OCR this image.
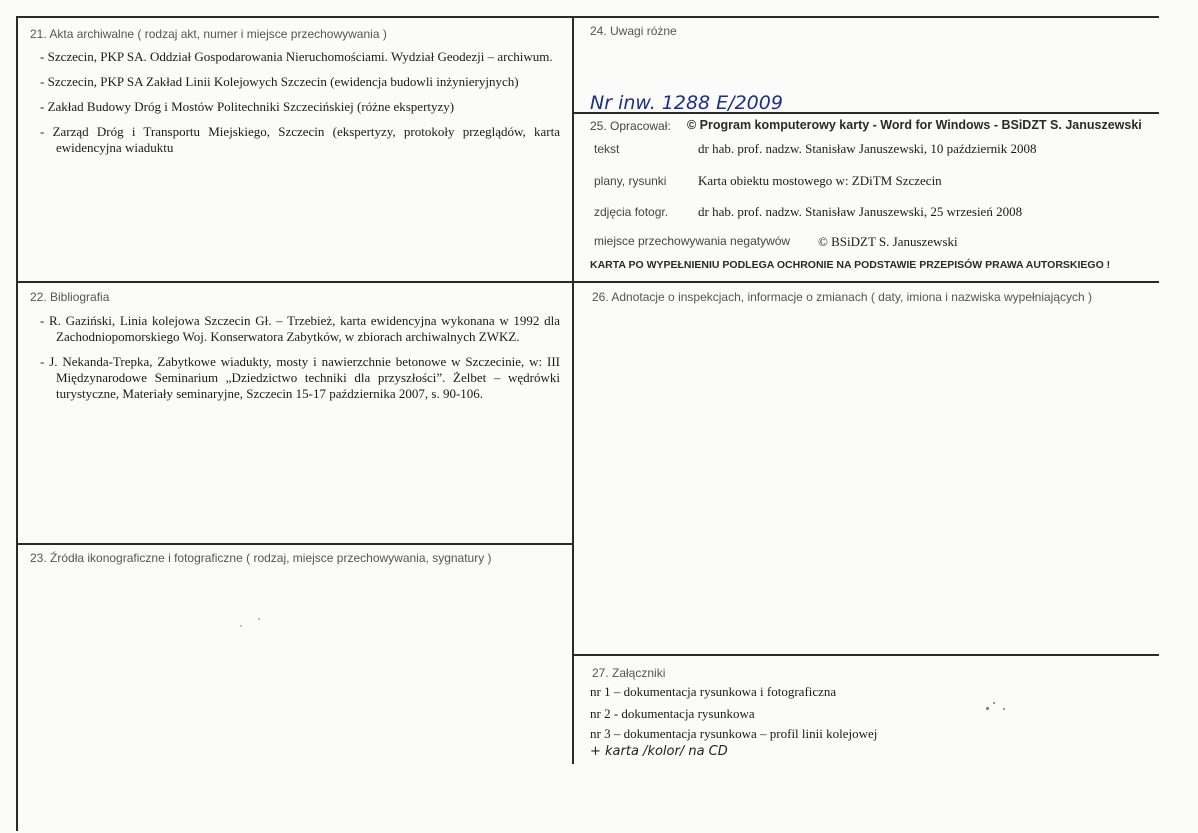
21. Akta archiwalne ( rodzaj akt, numer i miejsce przechowywania )
- Szczecin, PKP SA. Oddział Gospodarowania Nieruchomościami. Wydział Geodezji – archiwum.
- Szczecin, PKP SA Zakład Linii Kolejowych Szczecin (ewidencja budowli inżynieryjnych)
- Zakład Budowy Dróg i Mostów Politechniki Szczecińskiej (różne ekspertyzy)
- Zarząd Dróg i Transportu Miejskiego, Szczecin (ekspertyzy, protokoły przeglądów, karta ewidencyjna wiaduktu
22. Bibliografia
- R. Gaziński, Linia kolejowa Szczecin Gł. – Trzebież, karta ewidencyjna wykonana w 1992 dla Zachodniopomorskiego Woj. Konserwatora Zabytków, w zbiorach archiwalnych ZWKZ.
- J. Nekanda-Trepka, Zabytkowe wiadukty, mosty i nawierzchnie betonowe w Szczecinie, w: III Międzynarodowe Seminarium „Dziedzictwo techniki dla przyszłości”. Żelbet – wędrówki turystyczne, Materiały seminaryjne, Szczecin 15-17 października 2007, s. 90-106.
23. Źródła ikonograficzne i fotograficzne ( rodzaj, miejsce przechowywania, sygnatury )
24. Uwagi różne
Nr inw. 1288 E/2009
25. Opracował: © Program komputerowy karty - Word for Windows - BSiDZT S. Januszewski
tekst	dr hab. prof. nadzw. Stanisław Januszewski, 10 październik 2008
plany, rysunki Karta obiektu mostowego w: ZDiTM Szczecin
zdjęcia fotogr. dr hab. prof. nadzw. Stanisław Januszewski, 25 wrzesień 2008
miejsce przechowywania negatywów © BSiDZT S. Januszewski
KARTA PO WYPEŁNIENIU PODLEGA OCHRONIE NA PODSTAWIE PRZEPISÓW PRAWA AUTORSKIEGO !
26. Adnotacje o inspekcjach, informacje o zmianach ( daty, imiona i nazwiska wypełniających )
27. Załączniki
nr 1 – dokumentacja rysunkowa i fotograficzna
nr 2 - dokumentacja rysunkowa
nr 3 – dokumentacja rysunkowa – profil linii kolejowej
+ karta /kolor/ na CD
